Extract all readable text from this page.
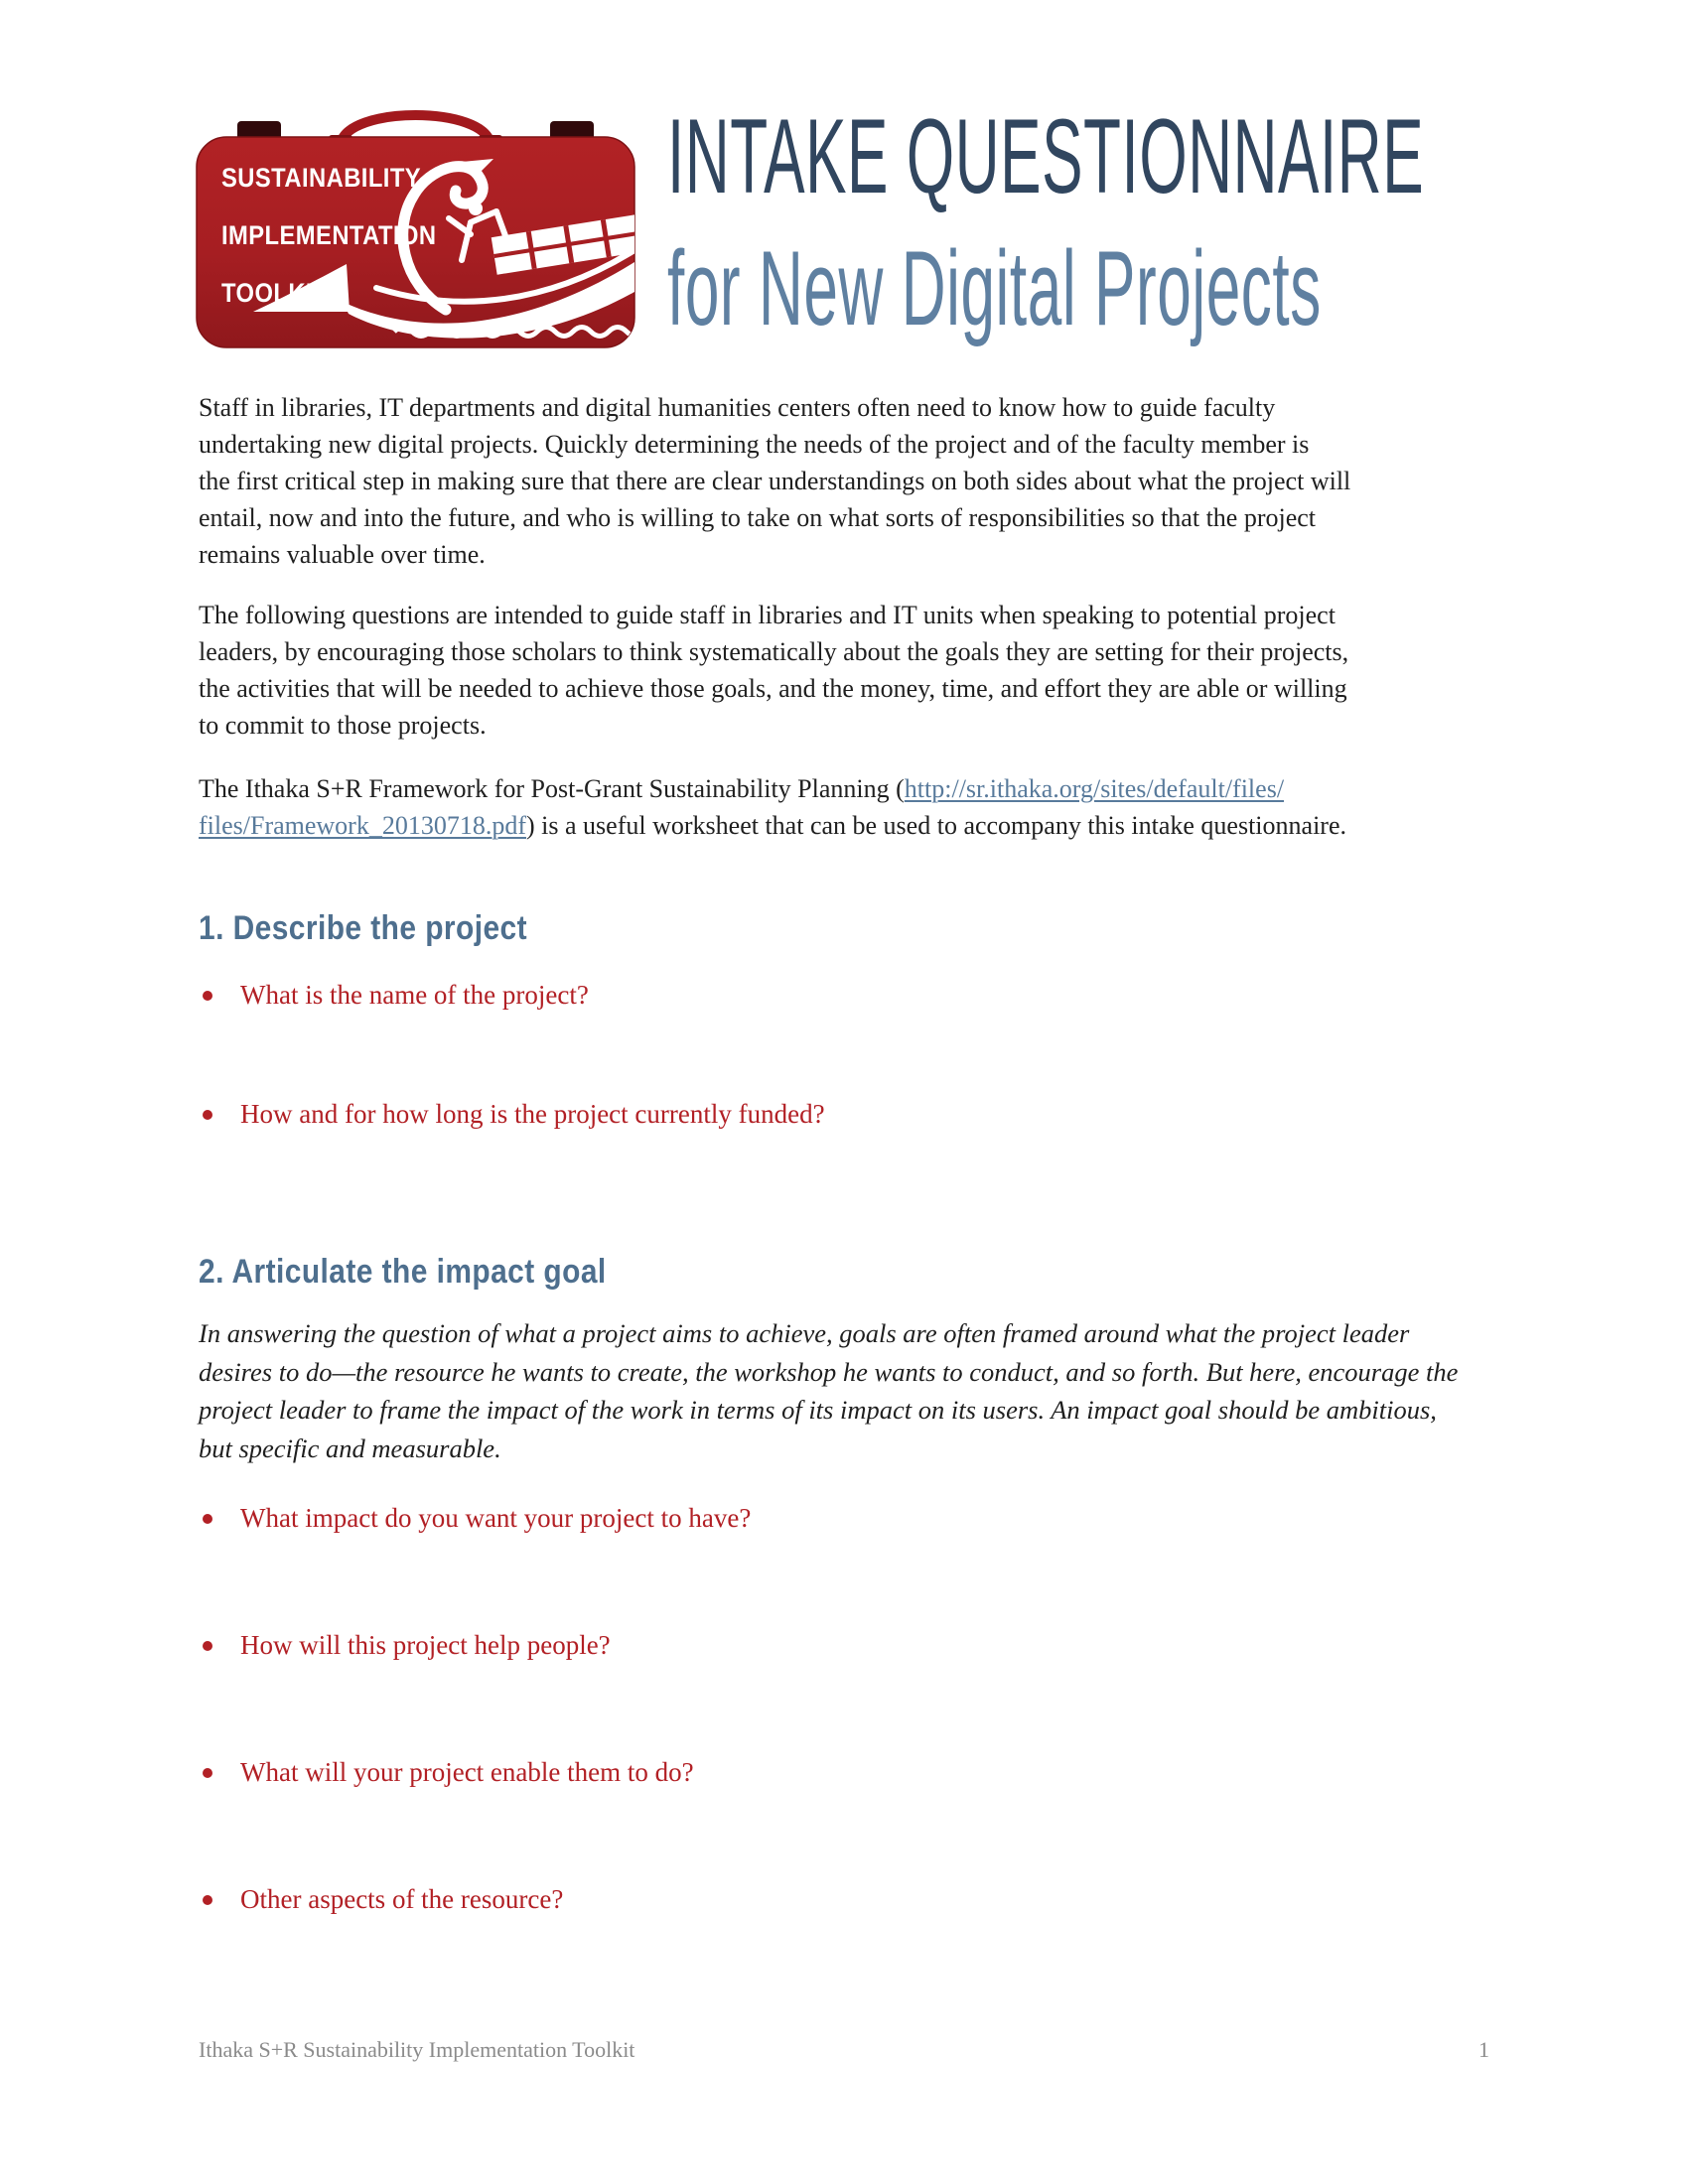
SUSTAINABILITY
IMPLEMENTATION
TOOLKIT
INTAKE QUESTIONNAIRE
for New Digital Projects
Staff in libraries, IT departments and digital humanities centers often need to know how to guide faculty
undertaking new digital projects. Quickly determining the needs of the project and of the faculty member is
the first critical step in making sure that there are clear understandings on both sides about what the project will
entail, now and into the future, and who is willing to take on what sorts of responsibilities so that the project
remains valuable over time.
The following questions are intended to guide staff in libraries and IT units when speaking to potential project
leaders, by encouraging those scholars to think systematically about the goals they are setting for their projects,
the activities that will be needed to achieve those goals, and the money, time, and effort they are able or willing
to commit to those projects.
The Ithaka S+R Framework for Post-Grant Sustainability Planning (http://sr.ithaka.org/sites/default/files/
files/Framework_20130718.pdf) is a useful worksheet that can be used to accompany this intake questionnaire.
1. Describe the project
What is the name of the project?
How and for how long is the project currently funded?
2. Articulate the impact goal
In answering the question of what a project aims to achieve, goals are often framed around what the project leader
desires to do—the resource he wants to create, the workshop he wants to conduct, and so forth. But here, encourage the
project leader to frame the impact of the work in terms of its impact on its users. An impact goal should be ambitious,
but specific and measurable.
What impact do you want your project to have?
How will this project help people?
What will your project enable them to do?
Other aspects of the resource?
Ithaka S+R Sustainability Implementation Toolkit	1
